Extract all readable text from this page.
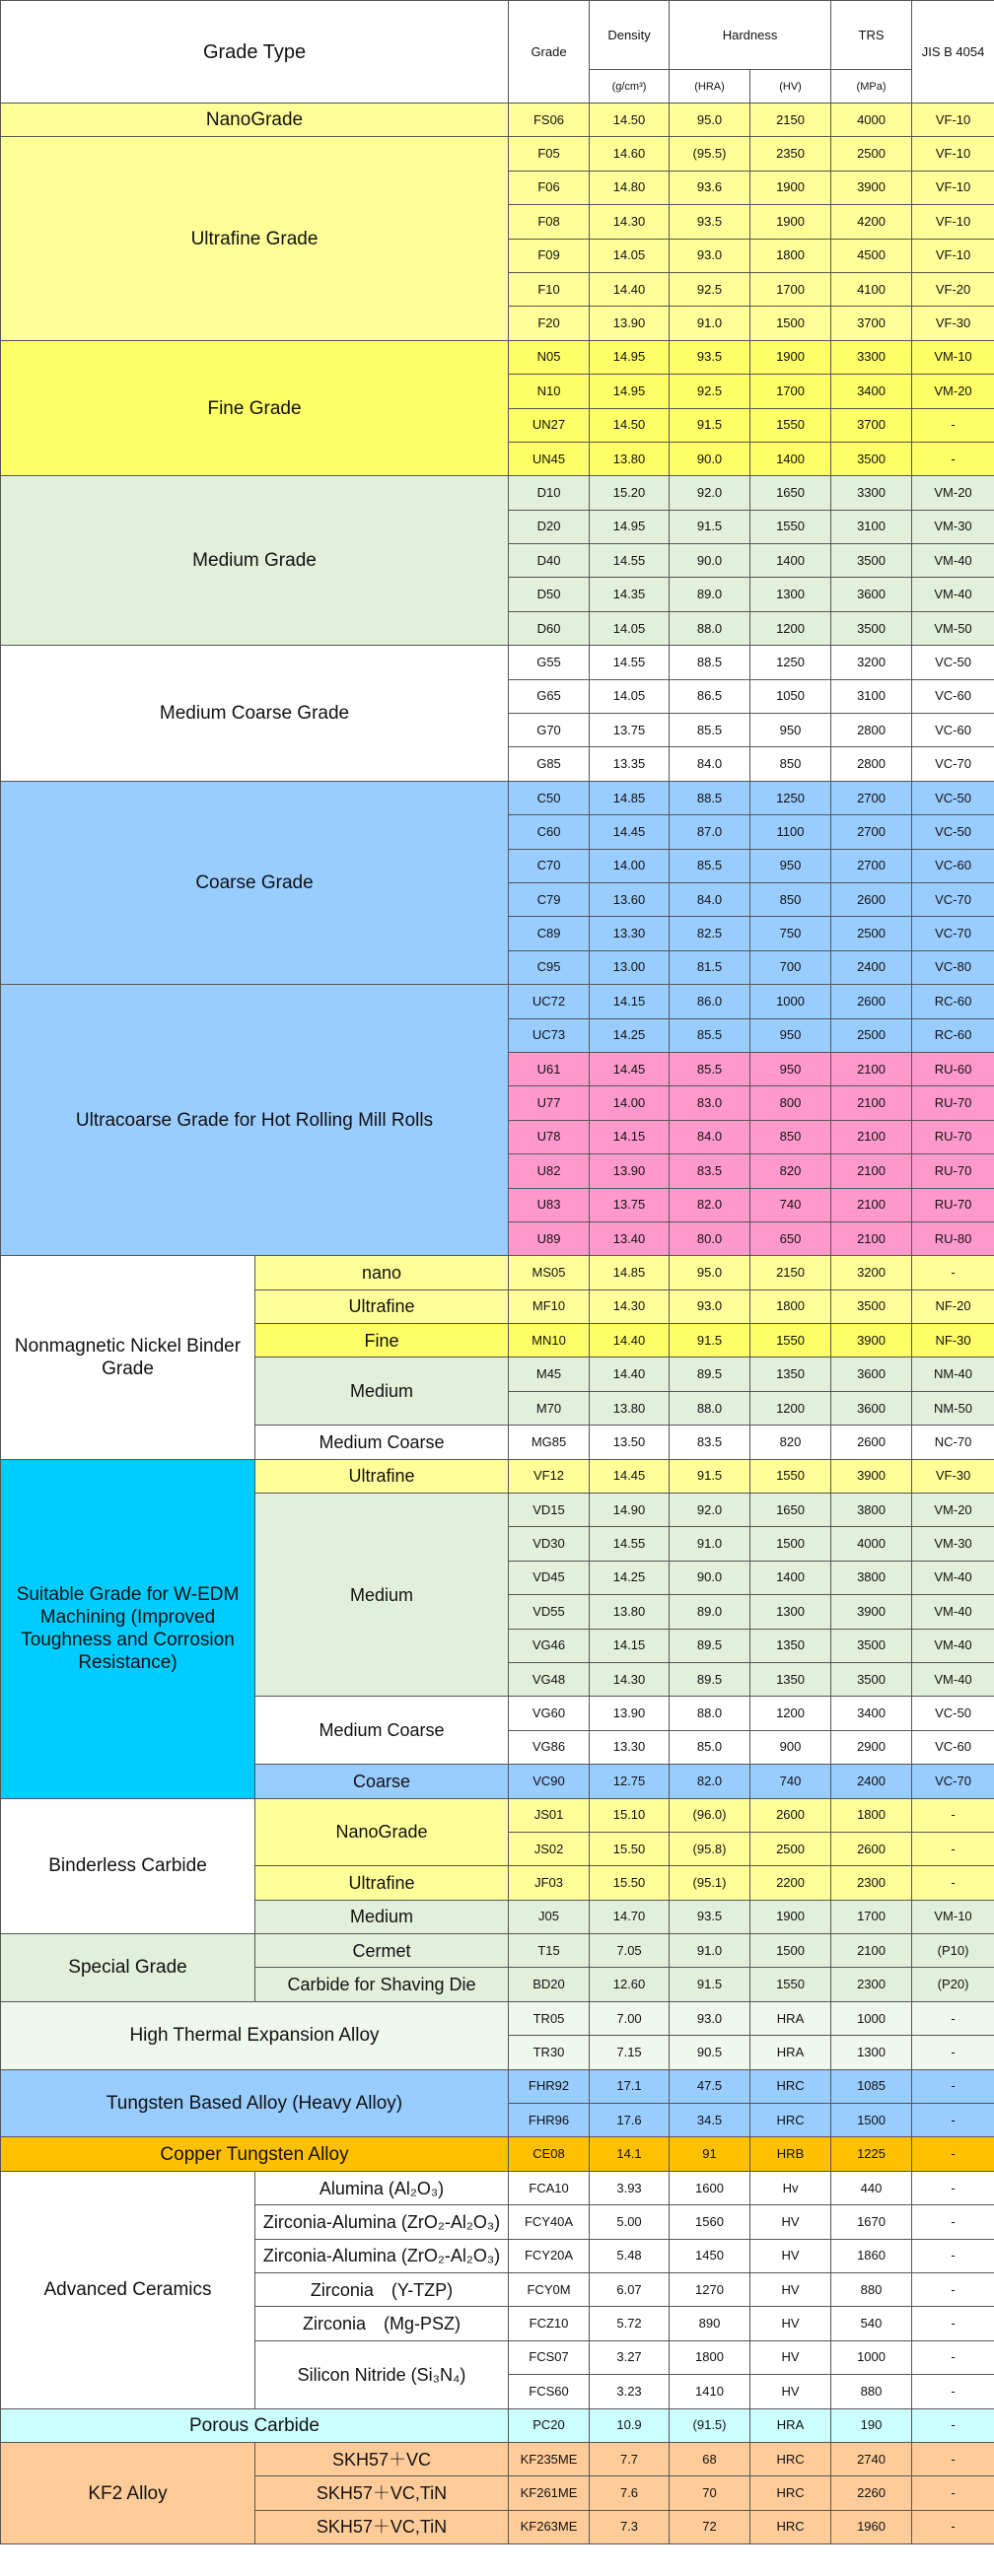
Grade Type		Grade	Density	Hardness		TRS	JIS B 4054
			(g/cm³)	(HRA)	(HV)	(MPa)	
NanoGrade		FS06	14.50	95.0	2150	4000	VF-10
Ultrafine Grade		F05	14.60	(95.5)	2350	2500	VF-10
		F06	14.80	93.6	1900	3900	VF-10
		F08	14.30	93.5	1900	4200	VF-10
		F09	14.05	93.0	1800	4500	VF-10
		F10	14.40	92.5	1700	4100	VF-20
		F20	13.90	91.0	1500	3700	VF-30
Fine Grade		N05	14.95	93.5	1900	3300	VM-10
		N10	14.95	92.5	1700	3400	VM-20
		UN27	14.50	91.5	1550	3700	-
		UN45	13.80	90.0	1400	3500	-
Medium Grade		D10	15.20	92.0	1650	3300	VM-20
		D20	14.95	91.5	1550	3100	VM-30
		D40	14.55	90.0	1400	3500	VM-40
		D50	14.35	89.0	1300	3600	VM-40
		D60	14.05	88.0	1200	3500	VM-50
Medium Coarse Grade		G55	14.55	88.5	1250	3200	VC-50
		G65	14.05	86.5	1050	3100	VC-60
		G70	13.75	85.5	950	2800	VC-60
		G85	13.35	84.0	850	2800	VC-70
Coarse Grade		C50	14.85	88.5	1250	2700	VC-50
		C60	14.45	87.0	1100	2700	VC-50
		C70	14.00	85.5	950	2700	VC-60
		C79	13.60	84.0	850	2600	VC-70
		C89	13.30	82.5	750	2500	VC-70
		C95	13.00	81.5	700	2400	VC-80
Ultracoarse Grade for Hot Rolling Mill Rolls		UC72	14.15	86.0	1000	2600	RC-60
		UC73	14.25	85.5	950	2500	RC-60
		U61	14.45	85.5	950	2100	RU-60
		U77	14.00	83.0	800	2100	RU-70
		U78	14.15	84.0	850	2100	RU-70
		U82	13.90	83.5	820	2100	RU-70
		U83	13.75	82.0	740	2100	RU-70
		U89	13.40	80.0	650	2100	RU-80
Nonmagnetic Nickel Binder Grade	nano	MS05	14.85	95.0	2150	3200	-
	Ultrafine	MF10	14.30	93.0	1800	3500	NF-20
	Fine	MN10	14.40	91.5	1550	3900	NF-30
	Medium	M45	14.40	89.5	1350	3600	NM-40
		M70	13.80	88.0	1200	3600	NM-50
	Medium Coarse	MG85	13.50	83.5	820	2600	NC-70
Suitable Grade for W-EDM Machining (Improved Toughness and Corrosion Resistance)	Ultrafine	VF12	14.45	91.5	1550	3900	VF-30
	Medium	VD15	14.90	92.0	1650	3800	VM-20
		VD30	14.55	91.0	1500	4000	VM-30
		VD45	14.25	90.0	1400	3800	VM-40
		VD55	13.80	89.0	1300	3900	VM-40
		VG46	14.15	89.5	1350	3500	VM-40
		VG48	14.30	89.5	1350	3500	VM-40
	Medium Coarse	VG60	13.90	88.0	1200	3400	VC-50
		VG86	13.30	85.0	900	2900	VC-60
	Coarse	VC90	12.75	82.0	740	2400	VC-70
Binderless Carbide	NanoGrade	JS01	15.10	(96.0)	2600	1800	-
		JS02	15.50	(95.8)	2500	2600	-
	Ultrafine	JF03	15.50	(95.1)	2200	2300	-
	Medium	J05	14.70	93.5	1900	1700	VM-10
Special Grade	Cermet	T15	7.05	91.0	1500	2100	(P10)
	Carbide for Shaving Die	BD20	12.60	91.5	1550	2300	(P20)
High Thermal Expansion Alloy		TR05	7.00	93.0	HRA	1000	-
		TR30	7.15	90.5	HRA	1300	-
Tungsten Based Alloy (Heavy Alloy)		FHR92	17.1	47.5	HRC	1085	-
		FHR96	17.6	34.5	HRC	1500	-
Copper Tungsten Alloy		CE08	14.1	91	HRB	1225	-
Advanced Ceramics	Alumina (Al₂O₃)	FCA10	3.93	1600	Hv	440	-
	Zirconia-Alumina (ZrO₂-Al₂O₃)	FCY40A	5.00	1560	HV	1670	-
	Zirconia-Alumina (ZrO₂-Al₂O₃)	FCY20A	5.48	1450	HV	1860	-
	Zirconia　(Y-TZP)	FCY0M	6.07	1270	HV	880	-
	Zirconia　(Mg-PSZ)	FCZ10	5.72	890	HV	540	-
	Silicon Nitride (Si₃N₄)	FCS07	3.27	1800	HV	1000	-
		FCS60	3.23	1410	HV	880	-
Porous Carbide		PC20	10.9	(91.5)	HRA	190	-
KF2 Alloy	SKH57＋VC	KF235ME	7.7	68	HRC	2740	-
	SKH57＋VC,TiN	KF261ME	7.6	70	HRC	2260	-
	SKH57＋VC,TiN	KF263ME	7.3	72	HRC	1960	-
